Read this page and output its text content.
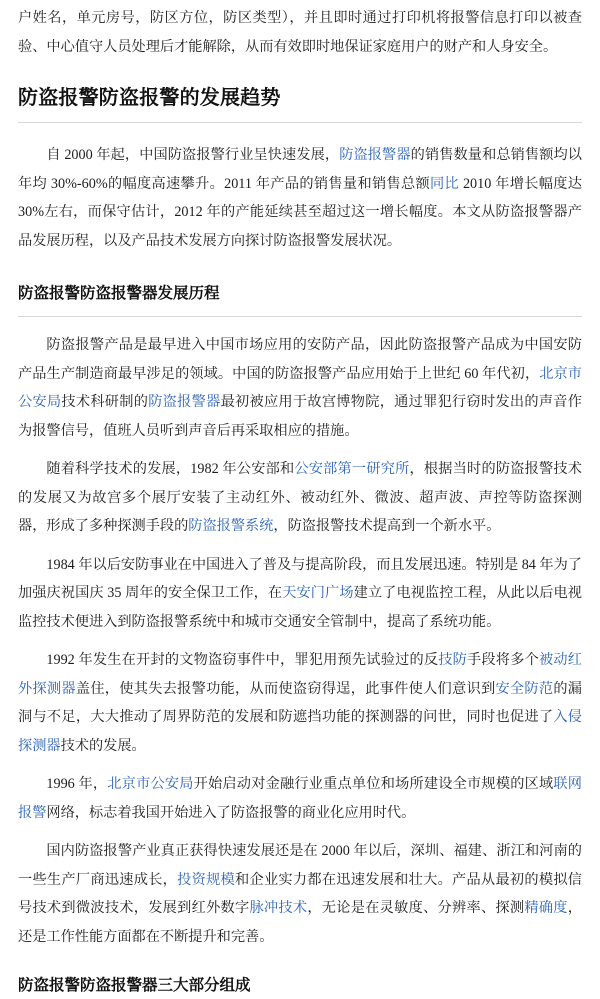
户姓名，单元房号，防区方位，防区类型），并且即时通过打印机将报警信息打印以被查验、中心值守人员处理后才能解除，从而有效即时地保证家庭用户的财产和人身安全。

防盗报警防盗报警的发展趋势

自 2000 年起，中国防盗报警行业呈快速发展，防盗报警器的销售数量和总销售额均以年均 30%-60%的幅度高速攀升。2011 年产品的销售量和销售总额同比 2010 年增长幅度达 30%左右，而保守估计，2012 年的产能延续甚至超过这一增长幅度。本文从防盗报警器产品发展历程，以及产品技术发展方向探讨防盗报警发展状况。

防盗报警防盗报警器发展历程

防盗报警产品是最早进入中国市场应用的安防产品，因此防盗报警产品成为中国安防产品生产制造商最早涉足的领域。中国的防盗报警产品应用始于上世纪 60 年代初，北京市公安局技术科研制的防盗报警器最初被应用于故宫博物院，通过罪犯行窃时发出的声音作为报警信号，值班人员听到声音后再采取相应的措施。

随着科学技术的发展，1982 年公安部和公安部第一研究所，根据当时的防盗报警技术的发展又为故宫多个展厅安装了主动红外、被动红外、微波、超声波、声控等防盗探测器，形成了多种探测手段的防盗报警系统，防盗报警技术提高到一个新水平。

1984 年以后安防事业在中国进入了普及与提高阶段，而且发展迅速。特别是 84 年为了加强庆祝国庆 35 周年的安全保卫工作，在天安门广场建立了电视监控工程，从此以后电视监控技术便进入到防盗报警系统中和城市交通安全管制中，提高了系统功能。

1992 年发生在开封的文物盗窃事件中，罪犯用预先试验过的反技防手段将多个被动红外探测器盖住，使其失去报警功能，从而使盗窃得逞，此事件使人们意识到安全防范的漏洞与不足，大大推动了周界防范的发展和防遮挡功能的探测器的问世，同时也促进了入侵探测器技术的发展。

1996 年，北京市公安局开始启动对金融行业重点单位和场所建设全市规模的区域联网报警网络，标志着我国开始进入了防盗报警的商业化应用时代。

国内防盗报警产业真正获得快速发展还是在 2000 年以后，深圳、福建、浙江和河南的一些生产厂商迅速成长，投资规模和企业实力都在迅速发展和壮大。产品从最初的模拟信号技术到微波技术，发展到红外数字脉冲技术，无论是在灵敏度、分辨率、探测精确度，还是工作性能方面都在不断提升和完善。

防盗报警防盗报警器三大部分组成
